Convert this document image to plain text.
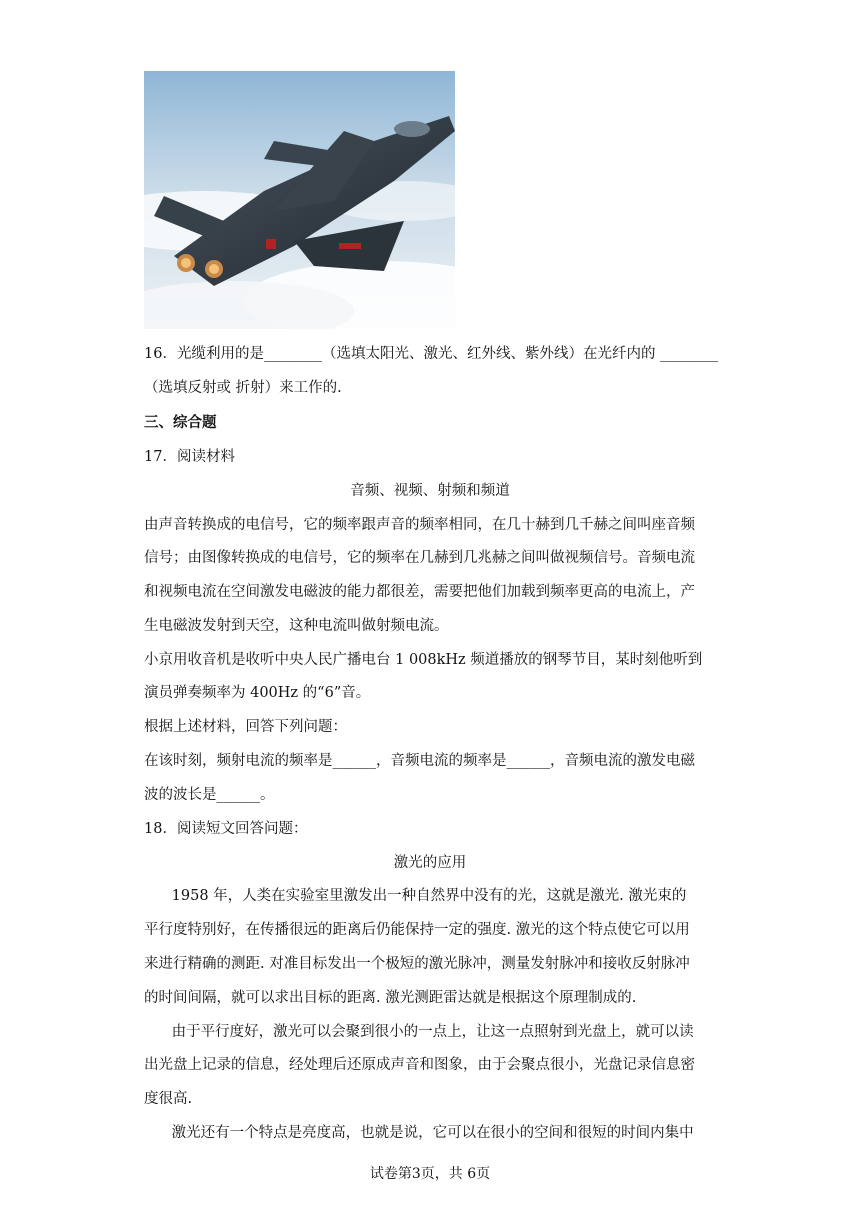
16．光缆利用的是________（选填太阳光、激光、红外线、紫外线）在光纤内的 ________
（选填反射或 折射）来工作的.
三、综合题
17．阅读材料
音频、视频、射频和频道
由声音转换成的电信号，它的频率跟声音的频率相同，在几十赫到几千赫之间叫座音频
信号；由图像转换成的电信号，它的频率在几赫到几兆赫之间叫做视频信号。音频电流
和视频电流在空间激发电磁波的能力都很差，需要把他们加载到频率更高的电流上，产
生电磁波发射到天空，这种电流叫做射频电流。
小京用收音机是收听中央人民广播电台 1 008kHz 频道播放的钢琴节目，某时刻他听到
演员弹奏频率为 400Hz 的“6”音。
根据上述材料，回答下列问题：
在该时刻，频射电流的频率是______，音频电流的频率是______，音频电流的激发电磁
波的波长是______。
18．阅读短文回答问题：
激光的应用
1958 年，人类在实验室里激发出一种自然界中没有的光，这就是激光. 激光束的
平行度特别好，在传播很远的距离后仍能保持一定的强度. 激光的这个特点使它可以用
来进行精确的测距. 对准目标发出一个极短的激光脉冲，测量发射脉冲和接收反射脉冲
的时间间隔，就可以求出目标的距离. 激光测距雷达就是根据这个原理制成的.
由于平行度好，激光可以会聚到很小的一点上，让这一点照射到光盘上，就可以读
出光盘上记录的信息，经处理后还原成声音和图象，由于会聚点很小，光盘记录信息密
度很高.
激光还有一个特点是亮度高，也就是说，它可以在很小的空间和很短的时间内集中
试卷第3页，共 6页
